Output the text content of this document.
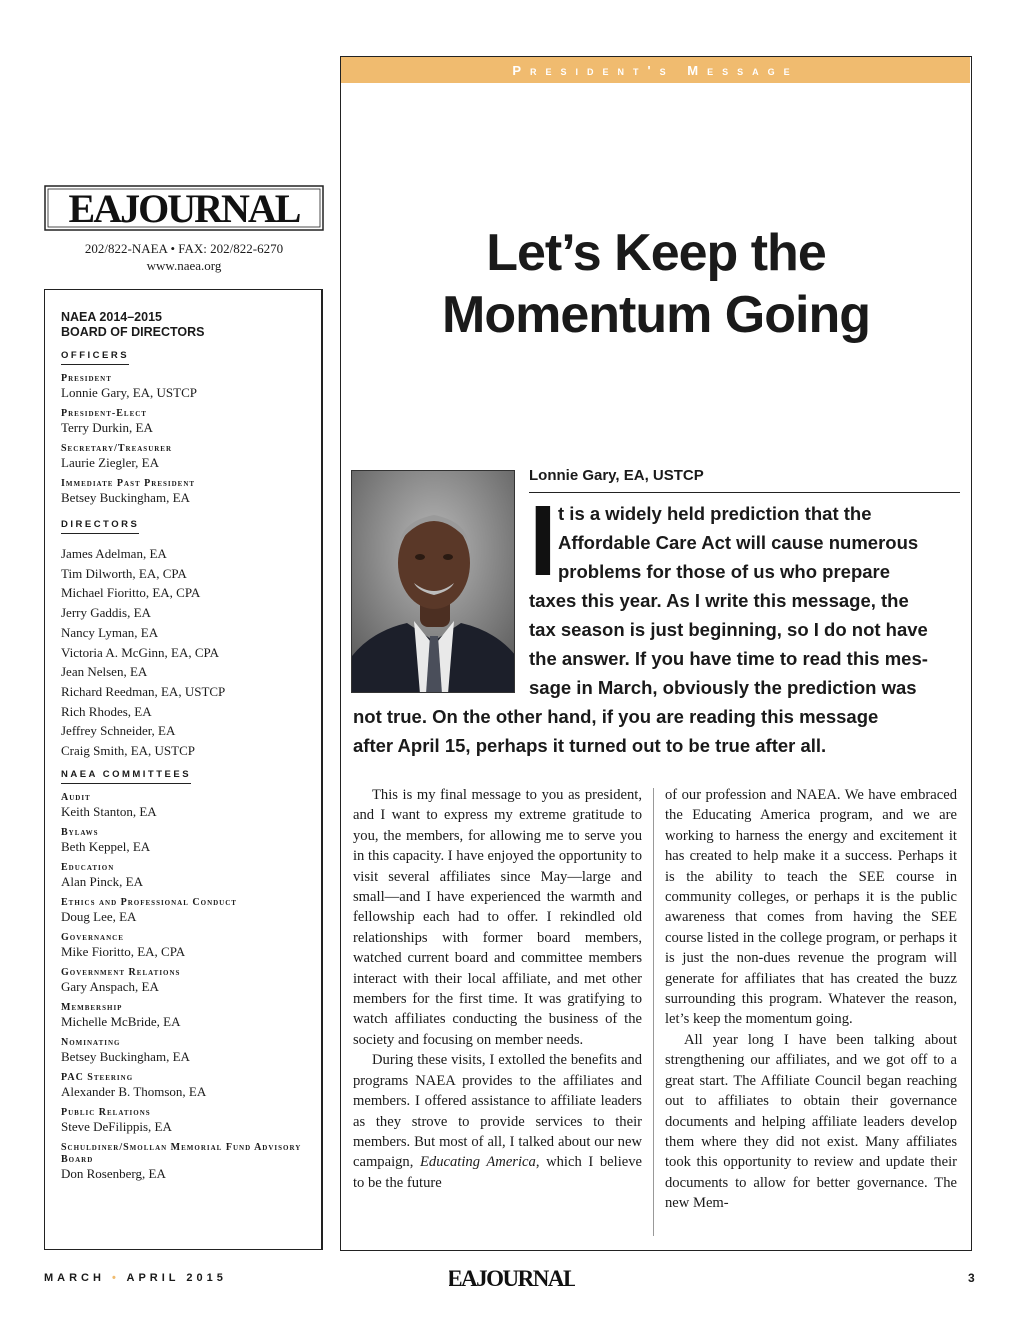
EAJOURNAL
202/822-NAEA • FAX: 202/822-6270
www.naea.org
NAEA 2014–2015
BOARD OF DIRECTORS
OFFICERS
President
Lonnie Gary, EA, USTCP
President-Elect
Terry Durkin, EA
Secretary/Treasurer
Laurie Ziegler, EA
Immediate Past President
Betsey Buckingham, EA
DIRECTORS
James Adelman, EA
Tim Dilworth, EA, CPA
Michael Fioritto, EA, CPA
Jerry Gaddis, EA
Nancy Lyman, EA
Victoria A. McGinn, EA, CPA
Jean Nelsen, EA
Richard Reedman, EA, USTCP
Rich Rhodes, EA
Jeffrey Schneider, EA
Craig Smith, EA, USTCP
NAEA COMMITTEES
Audit
Keith Stanton, EA
Bylaws
Beth Keppel, EA
Education
Alan Pinck, EA
Ethics and Professional Conduct
Doug Lee, EA
Governance
Mike Fioritto, EA, CPA
Government Relations
Gary Anspach, EA
Membership
Michelle McBride, EA
Nominating
Betsey Buckingham, EA
PAC Steering
Alexander B. Thomson, EA
Public Relations
Steve DeFilippis, EA
Schuldiner/Smollan Memorial Fund Advisory Board
Don Rosenberg, EA
President's Message
Let’s Keep the
Momentum Going
Lonnie Gary, EA, USTCP
I t is a widely held prediction that the
Affordable Care Act will cause numerous
problems for those of us who prepare
taxes this year. As I write this message, the
tax season is just beginning, so I do not have
the answer. If you have time to read this mes-
sage in March, obviously the prediction was
not true. On the other hand, if you are reading this message
after April 15, perhaps it turned out to be true after all.

This is my final message to you as president, and I want to express my extreme gratitude to you, the members, for allowing me to serve you in this capacity. I have enjoyed the opportunity to visit several affiliates since May—large and small—and I have experienced the warmth and fellowship each had to offer. I rekindled old relationships with former board members, watched current board and committee members interact with their local affiliate, and met other members for the first time. It was gratifying to watch affiliates conducting the business of the society and focusing on member needs.

During these visits, I extolled the benefits and programs NAEA provides to the affiliates and members. I offered assistance to affiliate leaders as they strove to provide services to their members. But most of all, I talked about our new campaign, Educating America, which I believe to be the future

of our profession and NAEA. We have embraced the Educating America program, and we are working to harness the energy and excitement it has created to help make it a success. Perhaps it is the ability to teach the SEE course in community colleges, or perhaps it is the public awareness that comes from having the SEE course listed in the college program, or perhaps it is just the non-dues revenue the program will generate for affiliates that has created the buzz surrounding this program. Whatever the reason, let’s keep the momentum going.

All year long I have been talking about strengthening our affiliates, and we got off to a great start. The Affiliate Council began reaching out to affiliates to obtain their governance documents and helping affiliate leaders develop them where they did not exist. Many affiliates took this opportunity to review and update their documents to allow for better governance. The new Mem-

MARCH • APRIL 2015	EAJOURNAL	3
